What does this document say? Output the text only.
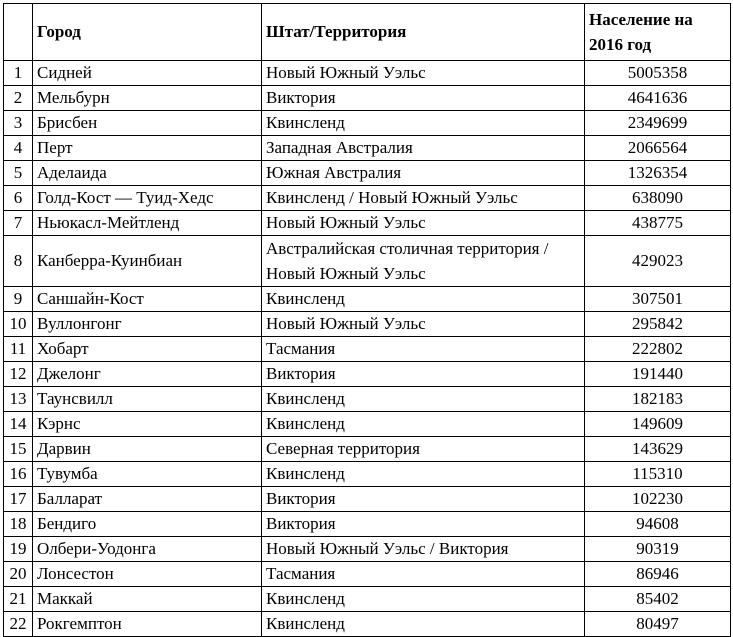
	Город	Штат/Территория	Население на 2016 год
1	Сидней	Новый Южный Уэльс	5005358
2	Мельбурн	Виктория	4641636
3	Брисбен	Квинсленд	2349699
4	Перт	Западная Австралия	2066564
5	Аделаида	Южная Австралия	1326354
6	Голд-Кост — Туид-Хедс	Квинсленд / Новый Южный Уэльс	638090
7	Ньюкасл-Мейтленд	Новый Южный Уэльс	438775
8	Канберра-Куинбиан	Австралийская столичная территория / Новый Южный Уэльс	429023
9	Саншайн-Кост	Квинсленд	307501
10	Вуллонгонг	Новый Южный Уэльс	295842
11	Хобарт	Тасмания	222802
12	Джелонг	Виктория	191440
13	Таунсвилл	Квинсленд	182183
14	Кэрнс	Квинсленд	149609
15	Дарвин	Северная территория	143629
16	Тувумба	Квинсленд	115310
17	Балларат	Виктория	102230
18	Бендиго	Виктория	94608
19	Олбери-Уодонга	Новый Южный Уэльс / Виктория	90319
20	Лонсестон	Тасмания	86946
21	Маккай	Квинсленд	85402
22	Рокгемптон	Квинсленд	80497
